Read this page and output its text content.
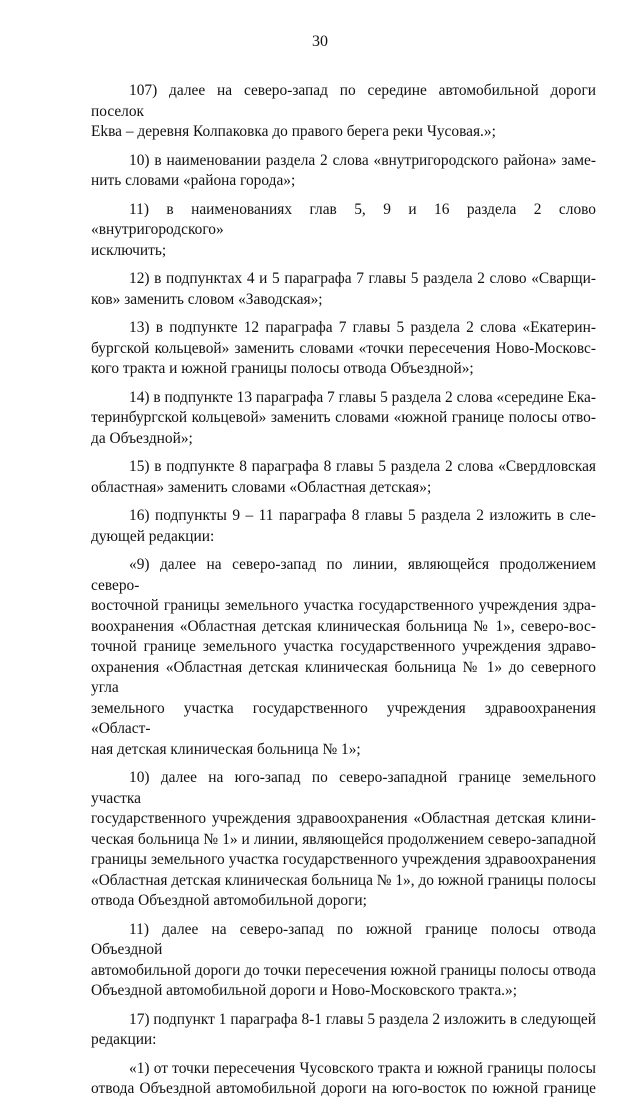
30
107) далее на северо-запад по середине автомобильной дороги поселок
Ekва – деревня Колпаковка до правого берега реки Чусовая.»;
10) в наименовании раздела 2 слова «внутригородского района» заме-
нить словами «района города»;
11) в наименованиях глав 5, 9 и 16 раздела 2 слово «внутригородского»
исключить;
12) в подпунктах 4 и 5 параграфа 7 главы 5 раздела 2 слово «Сварщи-
ков» заменить словом «Заводская»;
13) в подпункте 12 параграфа 7 главы 5 раздела 2 слова «Екатерин-
бургской кольцевой» заменить словами «точки пересечения Ново-Московс-
кого тракта и южной границы полосы отвода Объездной»;
14) в подпункте 13 параграфа 7 главы 5 раздела 2 слова «середине Ека-
теринбургской кольцевой» заменить словами «южной границе полосы отво-
да Объездной»;
15) в подпункте 8 параграфа 8 главы 5 раздела 2 слова «Свердловская
областная» заменить словами «Областная детская»;
16) подпункты 9 – 11 параграфа 8 главы 5 раздела 2 изложить в сле-
дующей редакции:
«9) далее на северо-запад по линии, являющейся продолжением северо-
восточной границы земельного участка государственного учреждения здра-
воохранения «Областная детская клиническая больница № 1», северо-вос-
точной границе земельного участка государственного учреждения здраво-
охранения «Областная детская клиническая больница № 1» до северного угла
земельного участка государственного учреждения здравоохранения «Област-
ная детская клиническая больница № 1»;
10) далее на юго-запад по северо-западной границе земельного участка
государственного учреждения здравоохранения «Областная детская клини-
ческая больница № 1» и линии, являющейся продолжением северо-западной
границы земельного участка государственного учреждения здравоохранения
«Областная детская клиническая больница № 1», до южной границы полосы
отвода Объездной автомобильной дороги;
11) далее на северо-запад по южной границе полосы отвода Объездной
автомобильной дороги до точки пересечения южной границы полосы отвода
Объездной автомобильной дороги и Ново-Московского тракта.»;
17) подпункт 1 параграфа 8-1 главы 5 раздела 2 изложить в следующей
редакции:
«1) от точки пересечения Чусовского тракта и южной границы полосы
отвода Объездной автомобильной дороги на юго-восток по южной границе
